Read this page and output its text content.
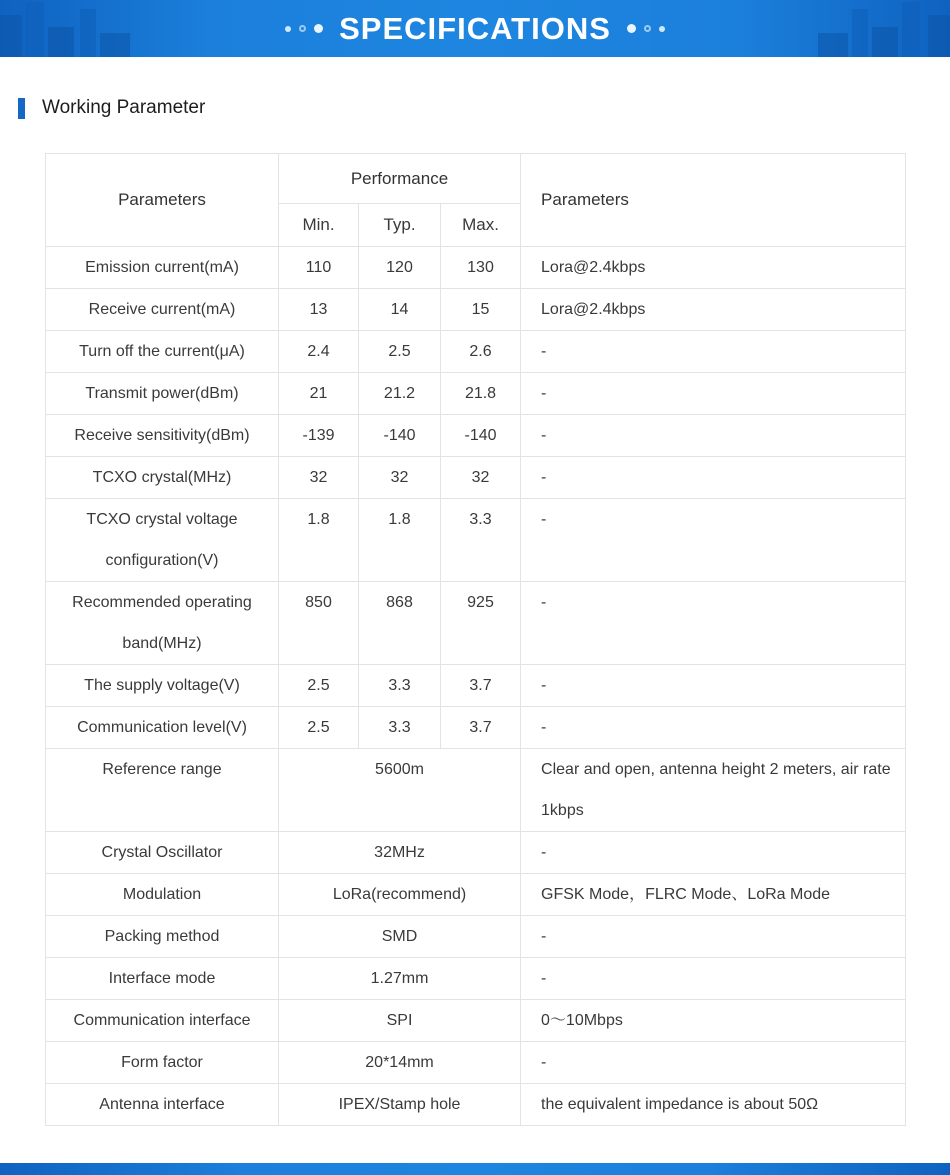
SPECIFICATIONS
Working Parameter
Parameters	Performance			Parameters
	Min.	Typ.	Max.	
Emission current(mA)	110	120	130	Lora@2.4kbps
Receive current(mA)	13	14	15	Lora@2.4kbps
Turn off the current(μA)	2.4	2.5	2.6	-
Transmit power(dBm)	21	21.2	21.8	-
Receive sensitivity(dBm)	-139	-140	-140	-
TCXO crystal(MHz)	32	32	32	-
TCXO crystal voltage configuration(V)	1.8	1.8	3.3	-
Recommended operating band(MHz)	850	868	925	-
The supply voltage(V)	2.5	3.3	3.7	-
Communication level(V)	2.5	3.3	3.7	-
Reference range	5600m			Clear and open, antenna height 2 meters, air rate 1kbps
Crystal Oscillator	32MHz			-
Modulation	LoRa(recommend)			GFSK Mode，FLRC Mode、LoRa Mode
Packing method	SMD			-
Interface mode	1.27mm			-
Communication interface	SPI			0～10Mbps
Form factor	20*14mm			-
Antenna interface	IPEX/Stamp hole			the equivalent impedance is about 50Ω
